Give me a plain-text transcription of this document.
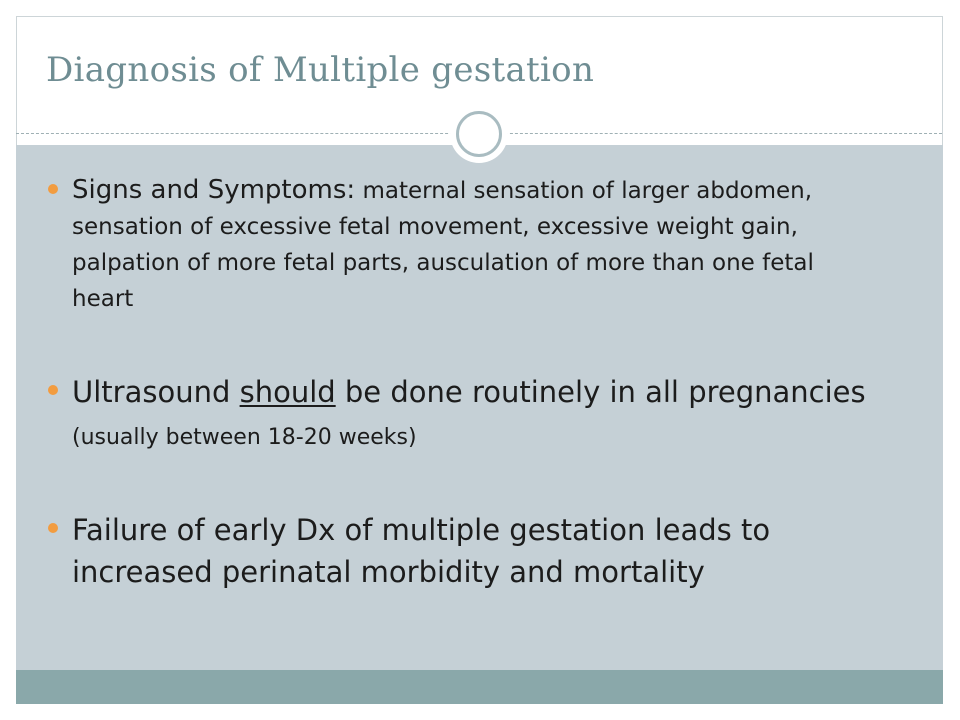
Diagnosis of Multiple gestation
Signs and Symptoms: maternal sensation of larger abdomen, sensation of excessive fetal movement, excessive weight gain, palpation of more fetal parts, ausculation of more than one fetal heart
Ultrasound should be done routinely in all pregnancies (usually between 18-20 weeks)
Failure of early Dx of multiple gestation leads to increased perinatal morbidity and mortality
